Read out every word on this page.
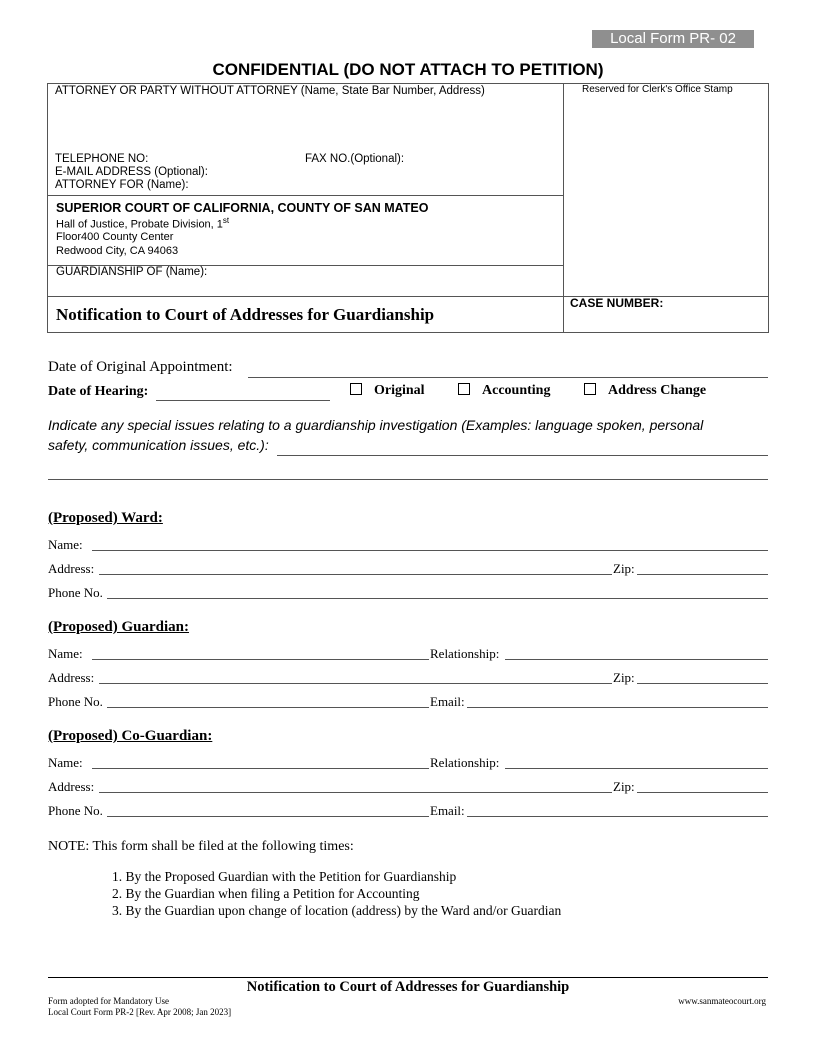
Local Form PR- 02
CONFIDENTIAL (DO NOT ATTACH TO PETITION)
ATTORNEY OR PARTY WITHOUT ATTORNEY (Name, State Bar Number, Address)
TELEPHONE NO:	FAX NO.(Optional):
E-MAIL ADDRESS (Optional):
ATTORNEY FOR (Name):
SUPERIOR COURT OF CALIFORNIA, COUNTY OF SAN MATEO
Hall of Justice, Probate Division, 1st
Floor400 County Center
Redwood City, CA 94063
GUARDIANSHIP OF (Name):
Notification to Court of Addresses for Guardianship
Reserved for Clerk's Office Stamp
CASE NUMBER:
Date of Original Appointment:
Date of Hearing:	Original	Accounting	Address Change
Indicate any special issues relating to a guardianship investigation (Examples: language spoken, personal
safety, communication issues, etc.):
(Proposed) Ward:
Name:
Address:	Zip:
Phone No.
(Proposed) Guardian:
Name:	Relationship:
Address:	Zip:
Phone No.	Email:
(Proposed) Co-Guardian:
Name:	Relationship:
Address:	Zip:
Phone No.	Email:
NOTE: This form shall be filed at the following times:
1. By the Proposed Guardian with the Petition for Guardianship
2. By the Guardian when filing a Petition for Accounting
3. By the Guardian upon change of location (address) by the Ward and/or Guardian
Notification to Court of Addresses for Guardianship
Form adopted for Mandatory Use
Local Court Form PR-2 [Rev. Apr 2008; Jan 2023]
www.sanmateocourt.org
